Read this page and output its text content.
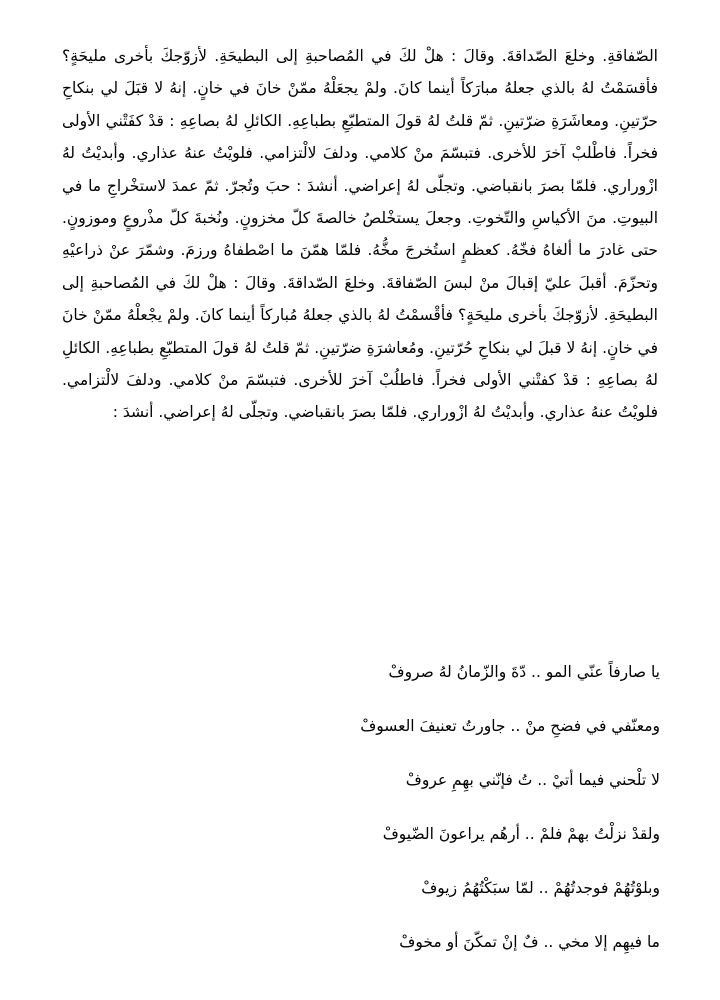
الصّفاقةِ. وخلعَ الصّداقةَ. وقالَ : هلْ لكَ في المُصاحبةِ إلى البطيحَةِ. لأزوّجكَ بأخرى مليحَةٍ؟ فأقسَمْتُ لهُ بالذي جعلهُ مبارَكاً أينما كانَ. ولمْ يجعَلْهُ ممّنْ خانَ في خانٍ. إنهُ لا قبَلَ لي بنكاحِ حرّتينِ. ومعاشَرَةِ ضرّتينِ. ثمّ قلتُ لهُ قولَ المتطبّعِ بطباعِهِ. الكائلِ لهُ بصاعِهِ : قدْ كفَتْني الأولى فخراً. فاطْلبْ آخرَ للأخرى. فتبسّمَ منْ كلامي. ودلفَ لالْتزامي. فلويْتُ عنهُ عذاري. وأبديْتُ لهُ ازْوراري. فلمّا بصرَ بانقباضي. وتجلّى لهُ إعراضي. أنشدَ : حبَ وتُجرّ. ثمّ عمدَ لاستخْراجِ ما في البيوتِ. منَ الأكياسِ والتّخوتِ. وجعلَ يستخْلصُ خالصةَ كلّ مخزونٍ. ونُخبةَ كلّ مذْروعٍ وموزونٍ. حتى غادرَ ما ألغاهُ فخّهُ. كعظمٍ استُخرجَ مخُّهُ. فلمّا همّنَ ما اصْطفاهُ ورزمَ. وشمّرَ عنْ ذراعيْهِ وتحزّمَ. أقبلَ عليّ إقبالَ منْ لبسَ الصّفاقةَ. وخلعَ الصّداقةَ. وقالَ : هلْ لكَ في المُصاحبةِ إلى البطيحَةِ. لأزوّجكَ بأخرى مليحَةٍ؟ فأقْسمْتُ لهُ بالذي جعلهُ مُباركاً أينما كانَ. ولمْ يجْعلْهُ ممّنْ خانَ في خانٍ. إنهُ لا قبلَ لي بنكاحِ حُرّتينِ. ومُعاشرَةِ ضرّتينِ. ثمّ قلتُ لهُ قولَ المتطبّعِ بطباعِهِ. الكائلِ لهُ بصاعِهِ : قدْ كفتْني الأولى فخراً. فاطلُبْ آخرَ للأخرى. فتبسّمَ منْ كلامي. ودلفَ لالْتزامي. فلويْتُ عنهُ عذاري. وأبديْتُ لهُ ازْوراري. فلمّا بصرَ بانقباضي. وتجلّى لهُ إعراضي. أنشدَ :

يا صارفاً عنّي المو .. دّةَ والزّمانُ لهُ صروفْ
ومعنّفي في فضحِ منْ .. جاورتُ تعنيفَ العسوفْ
لا تلْحني فيما أتيْ .. تُ فإنّني بهِمِ عروفْ
ولقدْ نزلْتُ بهمْ فلمْ .. أرهُم يراعونَ الضّيوفْ
وبلوْتُهُمْ فوجدتُهُمْ .. لمّا سبَكْتُهُمُ زيوفْ
ما فيهِم إلا مخي .. فٌ إنْ تمكّنَ أو مخوفْ
